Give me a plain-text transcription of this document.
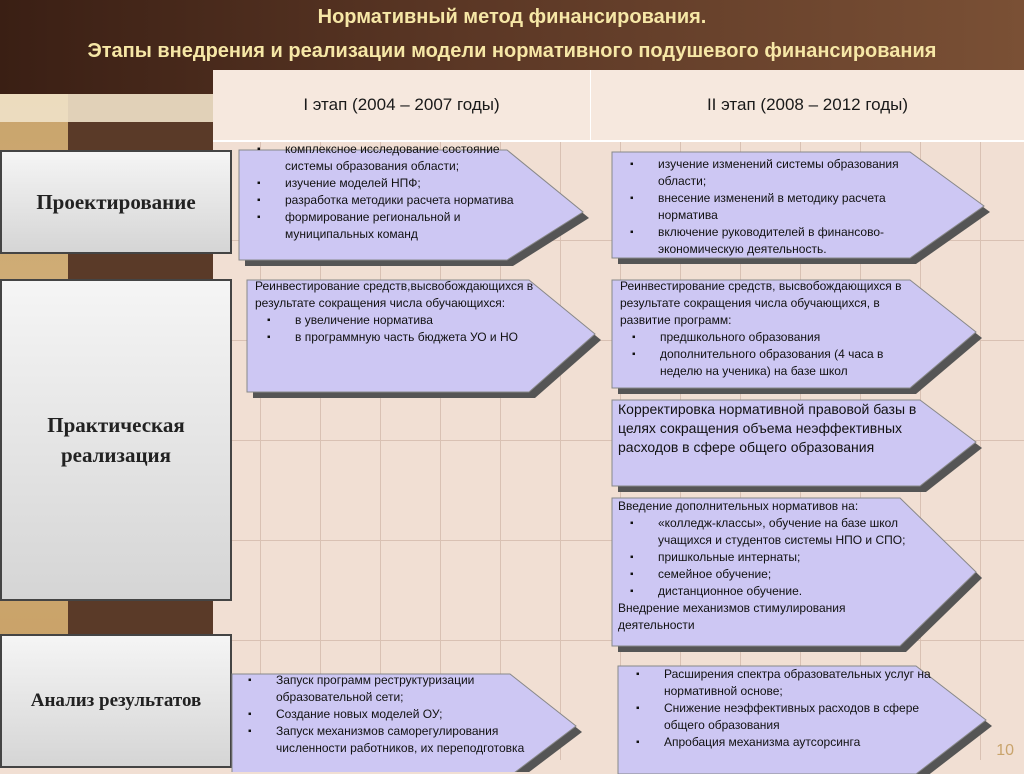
Нормативный метод финансирования.
Этапы внедрения и реализации модели нормативного подушевого финансирования
I этап (2004 – 2007 годы)	II этап (2008 – 2012 годы)
Проектирование
Практическая реализация
Анализ результатов
▪ комплексное исследование состояние системы образования области;
▪ изучение моделей НПФ;
▪ разработка методики расчета норматива
▪ формирование региональной и муниципальных команд
▪ изучение изменений системы образования области;
▪ внесение изменений в методику расчета норматива
▪ включение руководителей в финансово-экономическую деятельность.
Реинвестирование средств,высвобождающихся в результате сокращения числа обучающихся:
▪ в увеличение норматива
▪ в программную часть бюджета УО и НО
Реинвестирование средств, высвобождающихся в результате сокращения числа обучающихся, в развитие программ:
▪ предшкольного образования
▪ дополнительного образования (4 часа в неделю на ученика) на базе школ
Корректировка нормативной правовой базы в целях сокращения объема неэффективных расходов в сфере общего образования
Введение дополнительных нормативов на:
▪ «колледж-классы», обучение на базе школ учащихся и студентов системы НПО и СПО;
▪ пришкольные интернаты;
▪ семейное обучение;
▪ дистанционное обучение.
Внедрение механизмов стимулирования деятельности
▪ Запуск программ реструктуризации образовательной сети;
▪ Создание новых моделей ОУ;
▪ Запуск механизмов саморегулирования численности работников, их переподготовка
▪ Расширения спектра образовательных услуг на нормативной основе;
▪ Снижение неэффективных расходов в сфере общего образования
▪ Апробация механизма аутсорсинга	10
